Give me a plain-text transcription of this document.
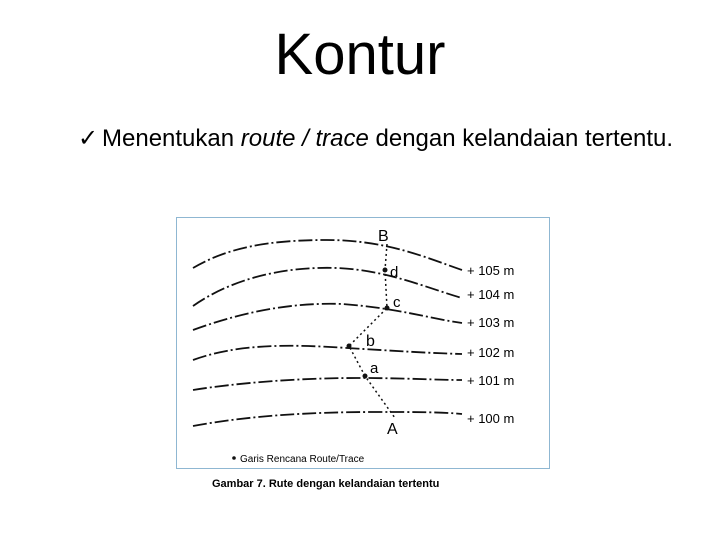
Kontur
✓ Menentukan route / trace dengan kelandaian tertentu.
B
d
c
b
a
A
+ 105 m
+ 104 m
+ 103 m
+ 102 m
+ 101 m
+ 100 m
Garis Rencana Route/Trace
Gambar 7. Rute dengan kelandaian tertentu
